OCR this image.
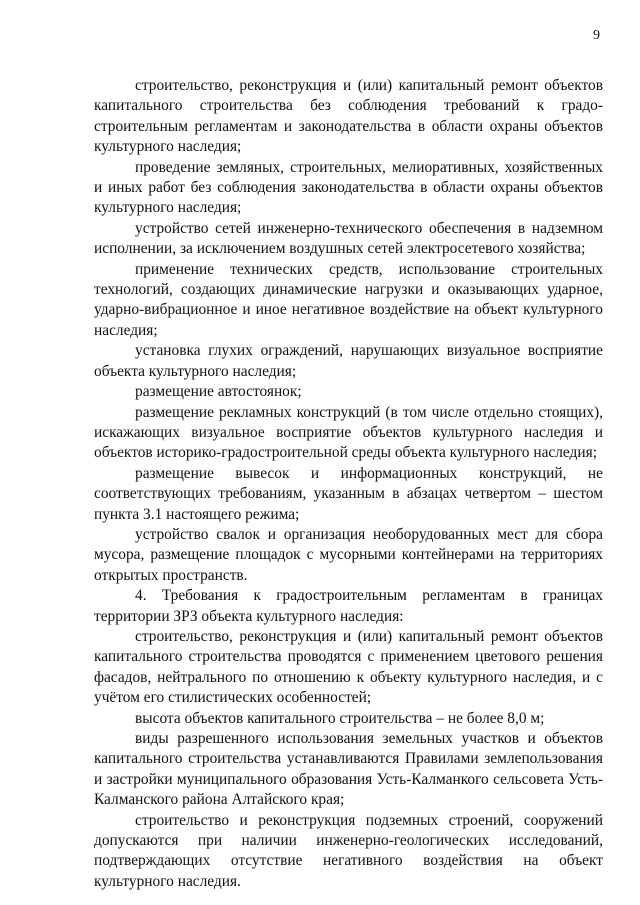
9

строительство, реконструкция и (или) капитальный ремонт объектов капитального строительства без соблюдения требований к градо-строительным регламентам и законодательства в области охраны объектов культурного наследия;

проведение земляных, строительных, мелиоративных, хозяйственных и иных работ без соблюдения законодательства в области охраны объектов культурного наследия;

устройство сетей инженерно-технического обеспечения в надземном исполнении, за исключением воздушных сетей электросетевого хозяйства;

применение технических средств, использование строительных технологий, создающих динамические нагрузки и оказывающих ударное, ударно-вибрационное и иное негативное воздействие на объект культурного наследия;

установка глухих ограждений, нарушающих визуальное восприятие объекта культурного наследия;

размещение автостоянок;

размещение рекламных конструкций (в том числе отдельно стоящих), искажающих визуальное восприятие объектов культурного наследия и объектов историко-градостроительной среды объекта культурного наследия;

размещение вывесок и информационных конструкций, не соответствующих требованиям, указанным в абзацах четвертом – шестом пункта 3.1 настоящего режима;

устройство свалок и организация необорудованных мест для сбора мусора, размещение площадок с мусорными контейнерами на территориях открытых пространств.

4. Требования к градостроительным регламентам в границах территории ЗРЗ объекта культурного наследия:

строительство, реконструкция и (или) капитальный ремонт объектов капитального строительства проводятся с применением цветового решения фасадов, нейтрального по отношению к объекту культурного наследия, и с учётом его стилистических особенностей;

высота объектов капитального строительства – не более 8,0 м;

виды разрешенного использования земельных участков и объектов капитального строительства устанавливаются Правилами землепользования и застройки муниципального образования Усть-Калманкого сельсовета Усть-Калманского района Алтайского края;

строительство и реконструкция подземных строений, сооружений допускаются при наличии инженерно-геологических исследований, подтверждающих отсутствие негативного воздействия на объект культурного наследия.
